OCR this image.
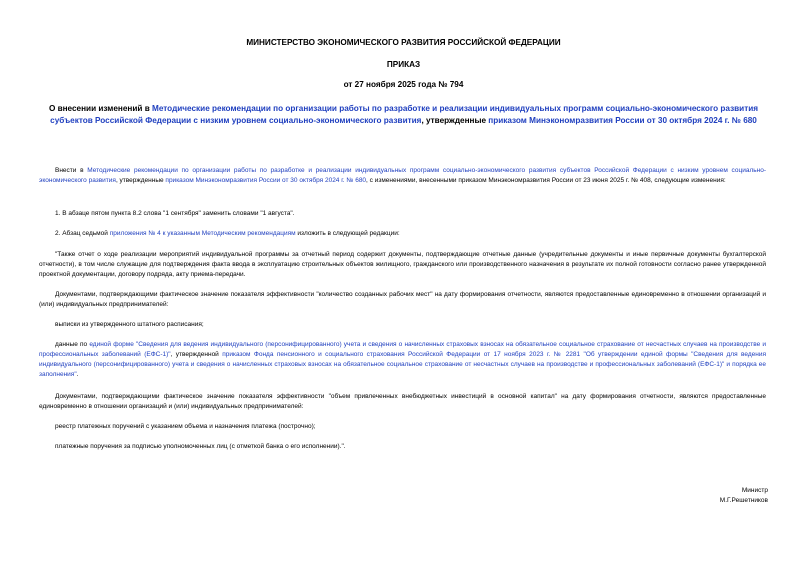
МИНИСТЕРСТВО ЭКОНОМИЧЕСКОГО РАЗВИТИЯ РОССИЙСКОЙ ФЕДЕРАЦИИ
ПРИКАЗ
от 27 ноября 2025 года № 794
О внесении изменений в Методические рекомендации по организации работы по разработке и реализации индивидуальных программ социально-экономического развития субъектов Российской Федерации с низким уровнем социально-экономического развития, утвержденные приказом Минэкономразвития России от 30 октября 2024 г. № 680

Внести в Методические рекомендации по организации работы по разработке и реализации индивидуальных программ социально-экономического развития субъектов Российской Федерации с низким уровнем социально-экономического развития, утвержденные приказом Минэкономразвития России от 30 октября 2024 г. № 680, с изменениями, внесенными приказом Минэкономразвития России от 23 июня 2025 г. № 408, следующие изменения:

1. В абзаце пятом пункта 8.2 слова "1 сентября" заменить словами "1 августа".

2. Абзац седьмой приложения № 4 к указанным Методическим рекомендациям изложить в следующей редакции:

"Также отчет о ходе реализации мероприятий индивидуальной программы за отчетный период содержит документы, подтверждающие отчетные данные (учредительные документы и иные первичные документы бухгалтерской отчетности), в том числе служащие для подтверждения факта ввода в эксплуатацию строительных объектов жилищного, гражданского или производственного назначения в результате их полной готовности согласно ранее утвержденной проектной документации, договору подряда, акту приема-передачи.

Документами, подтверждающими фактическое значение показателя эффективности "количество созданных рабочих мест" на дату формирования отчетности, являются предоставленные единовременно в отношении организаций и (или) индивидуальных предпринимателей:

выписки из утвержденного штатного расписания;

данные по единой форме "Сведения для ведения индивидуального (персонифицированного) учета и сведения о начисленных страховых взносах на обязательное социальное страхование от несчастных случаев на производстве и профессиональных заболеваний (ЕФС-1)", утвержденной приказом Фонда пенсионного и социального страхования Российской Федерации от 17 ноября 2023 г. № 2281 "Об утверждении единой формы "Сведения для ведения индивидуального (персонифицированного) учета и сведения о начисленных страховых взносах на обязательное социальное страхование от несчастных случаев на производстве и профессиональных заболеваний (ЕФС-1)" и порядка ее заполнения".

Документами, подтверждающими фактическое значение показателя эффективности "объем привлеченных внебюджетных инвестиций в основной капитал" на дату формирования отчетности, являются предоставленные единовременно в отношении организаций и (или) индивидуальных предпринимателей:

реестр платежных поручений с указанием объема и назначения платежа (построчно);

платежные поручения за подписью уполномоченных лиц (с отметкой банка о его исполнении).".

Министр
М.Г.Решетников
